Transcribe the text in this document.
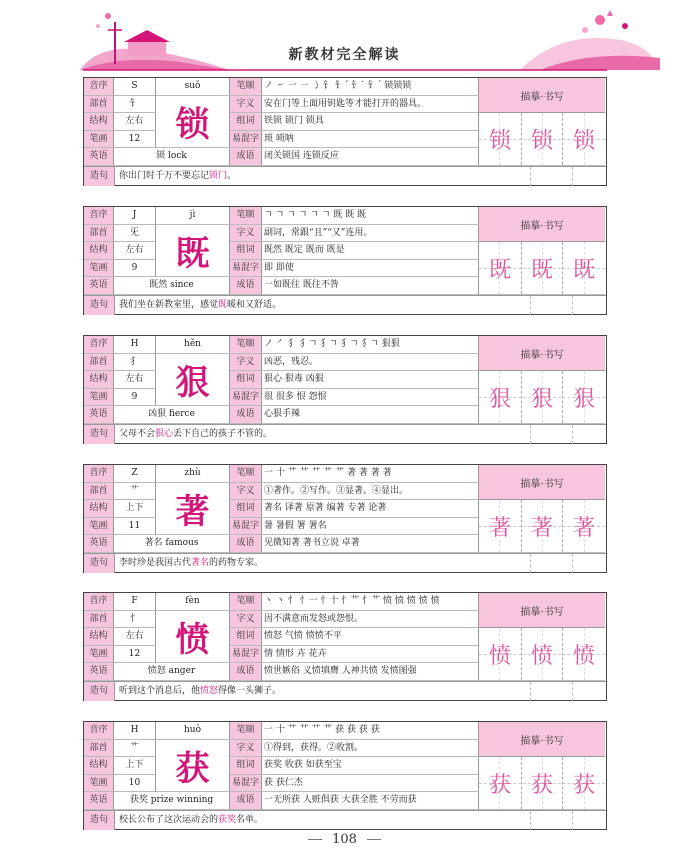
新教材完全解读
音序	S	suǒ	笔顺	ノ ㇀ 一 ㇐ ㇁ 钅 钅ˊ 钅˙ 钅ˊ 锁锁锁
描摹·书写
部首	钅
锁
字义	安在门等上面用钥匙等才能打开的器具。
结构	左右	组词	铁锁 锁门 锁具
锁 锁 锁
笔画	12	易混字 琐 唢呐
英语	锁 lock	成语	闭关锁国 连锁反应
造句	你出门时千万不要忘记锁门。
音序	J	jì	笔顺	ㄱ ㄱ ㄱ ㄱ ㄱ ㄱ 既 既 既
描摹·书写
部首	旡
既
字义	副词，常跟“且”“又”连用。
结构	左右	组词	既然 既定 既而 既是
既 既 既
笔画	9	易混字 即 即使
英语	既然 since	成语	一如既往 既往不咎
造句	我们坐在新教室里，感觉既暖和又舒适。
音序	H	hěn	笔顺	ノ ㇒ 犭 犭ㄱ 犭ㄱ 犭ㄱ 犭ㄱ 狠狠
描摹·书写
部首	犭
狠
字义	凶恶，残忍。
结构	左右	组词	狠心 狠毒 凶狠
狠 狠 狠
笔画	9	易混字 很 很多 恨 怨恨
英语	凶狠 fierce	成语	心狠手辣
造句	父母不会狠心丢下自己的孩子不管的。
音序	Z	zhù	笔顺	一 十 艹 艹 艹 艹 艹 著 著 著 著
描摹·书写
部首	艹
著
字义	①著作。②写作。③显著。④显出。
结构	上下	组词	著名 译著 原著 编著 专著 论著
著 著 著
笔画	11	易混字 暑 暑假 署 署名
英语	著名 famous	成语	见微知著 著书立说 卓著
造句	李时珍是我国古代著名的药物专家。
音序	F	fèn	笔顺	丶 丶 忄 忄一 忄十 忄艹 忄艹 愤 愤 愤 愤 愤
描摹·书写
部首	忄
愤
字义	因不满意而发怒或怨恨。
结构	左右	组词	愤怒 气愤 愤愤不平
愤 愤 愤
笔画	12	易混字 情 情形 卉 花卉
英语	愤怒 anger	成语	愤世嫉俗 义愤填膺 人神共愤 发愤图强
造句	听到这个消息后，他愤怒得像一头狮子。
音序	H	huò	笔顺	一 十 艹 艹 艹 艹 获 获 获 获
描摹·书写
部首	艹
获
字义	①得到，获得。②收割。
结构	上下	组词	获奖 收获 如获至宝
获 获 获
笔画	10	易混字 获 获仁杰
英语	获奖 prize winning	成语	一无所获 人赃俱获 大获全胜 不劳而获
造句	校长公布了这次运动会的获奖名单。
108
